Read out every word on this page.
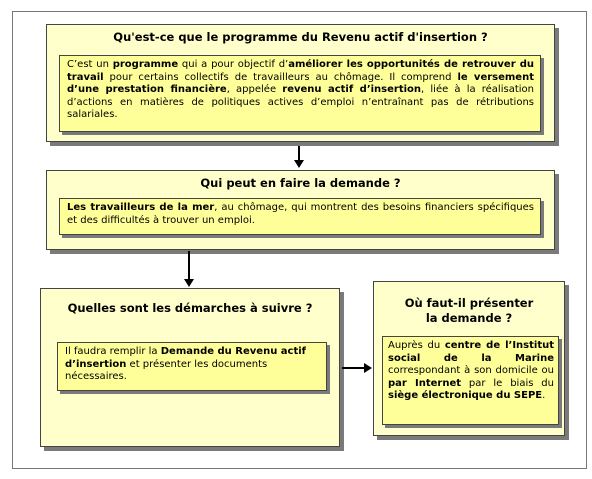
Qu'est-ce que le programme du Revenu actif d'insertion ?
C’est un programme qui a pour objectif d’améliorer les opportunités de retrouver du travail pour certains collectifs de travailleurs au chômage. Il comprend le versement d’une prestation financière, appelée revenu actif d’insertion, liée à la réalisation d’actions en matières de politiques actives d’emploi n’entraînant pas de rétributions salariales.
Qui peut en faire la demande ?
Les travailleurs de la mer, au chômage, qui montrent des besoins financiers spécifiques et des difficultés à trouver un emploi.
Quelles sont les démarches à suivre ?
Il faudra remplir la Demande du Revenu actif d’insertion et présenter les documents nécessaires.
Où faut-il présenter
la demande ?
Auprès du centre de l’Institut social de la Marine correspondant à son domicile ou par Internet par le biais du siège électronique du SEPE.
